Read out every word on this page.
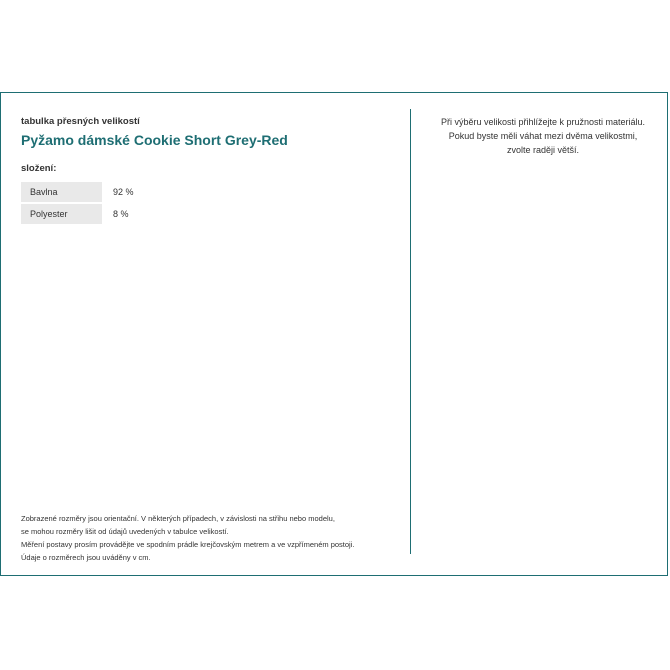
tabulka přesných velikostí
Pyžamo dámské Cookie Short Grey-Red
složení:
Bavlna	92 %
Polyester	8 %
Zobrazené rozměry jsou orientační. V některých případech, v závislosti na střihu nebo modelu,
se mohou rozměry lišit od údajů uvedených v tabulce velikostí.
Měření postavy prosím provádějte ve spodním prádle krejčovským metrem a ve vzpřímeném postoji.
Údaje o rozměrech jsou uváděny v cm.
Při výběru velikosti přihlížejte k pružnosti materiálu.
Pokud byste měli váhat mezi dvěma velikostmi,
zvolte raději větší.
